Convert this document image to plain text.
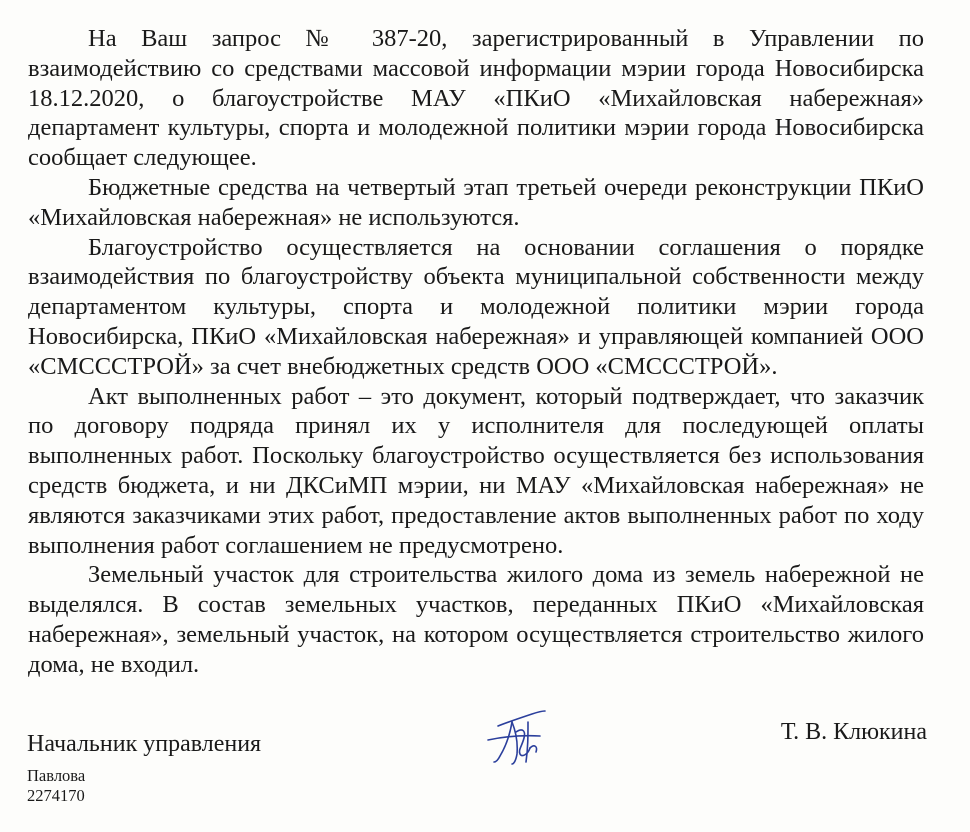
На Ваш запрос № 387-20, зарегистрированный в Управлении по взаимодействию со средствами массовой информации мэрии города Новосибирска 18.12.2020, о благоустройстве МАУ «ПКиО «Михайловская набережная» департамент культуры, спорта и молодежной политики мэрии города Новосибирска сообщает следующее.

Бюджетные средства на четвертый этап третьей очереди реконструкции ПКиО «Михайловская набережная» не используются.

Благоустройство осуществляется на основании соглашения о порядке взаимодействия по благоустройству объекта муниципальной собственности между департаментом культуры, спорта и молодежной политики мэрии города Новосибирска, ПКиО «Михайловская набережная» и управляющей компанией ООО «СМСССТРОЙ» за счет внебюджетных средств ООО «СМСССТРОЙ».

Акт выполненных работ – это документ, который подтверждает, что заказчик по договору подряда принял их у исполнителя для последующей оплаты выполненных работ. Поскольку благоустройство осуществляется без использования средств бюджета, и ни ДКСиМП мэрии, ни МАУ «Михайловская набережная» не являются заказчиками этих работ, предоставление актов выполненных работ по ходу выполнения работ соглашением не предусмотрено.

Земельный участок для строительства жилого дома из земель набережной не выделялся. В состав земельных участков, переданных ПКиО «Михайловская набережная», земельный участок, на котором осуществляется строительство жилого дома, не входил.

Начальник управления	Т. В. Клюкина
Павлова
2274170
